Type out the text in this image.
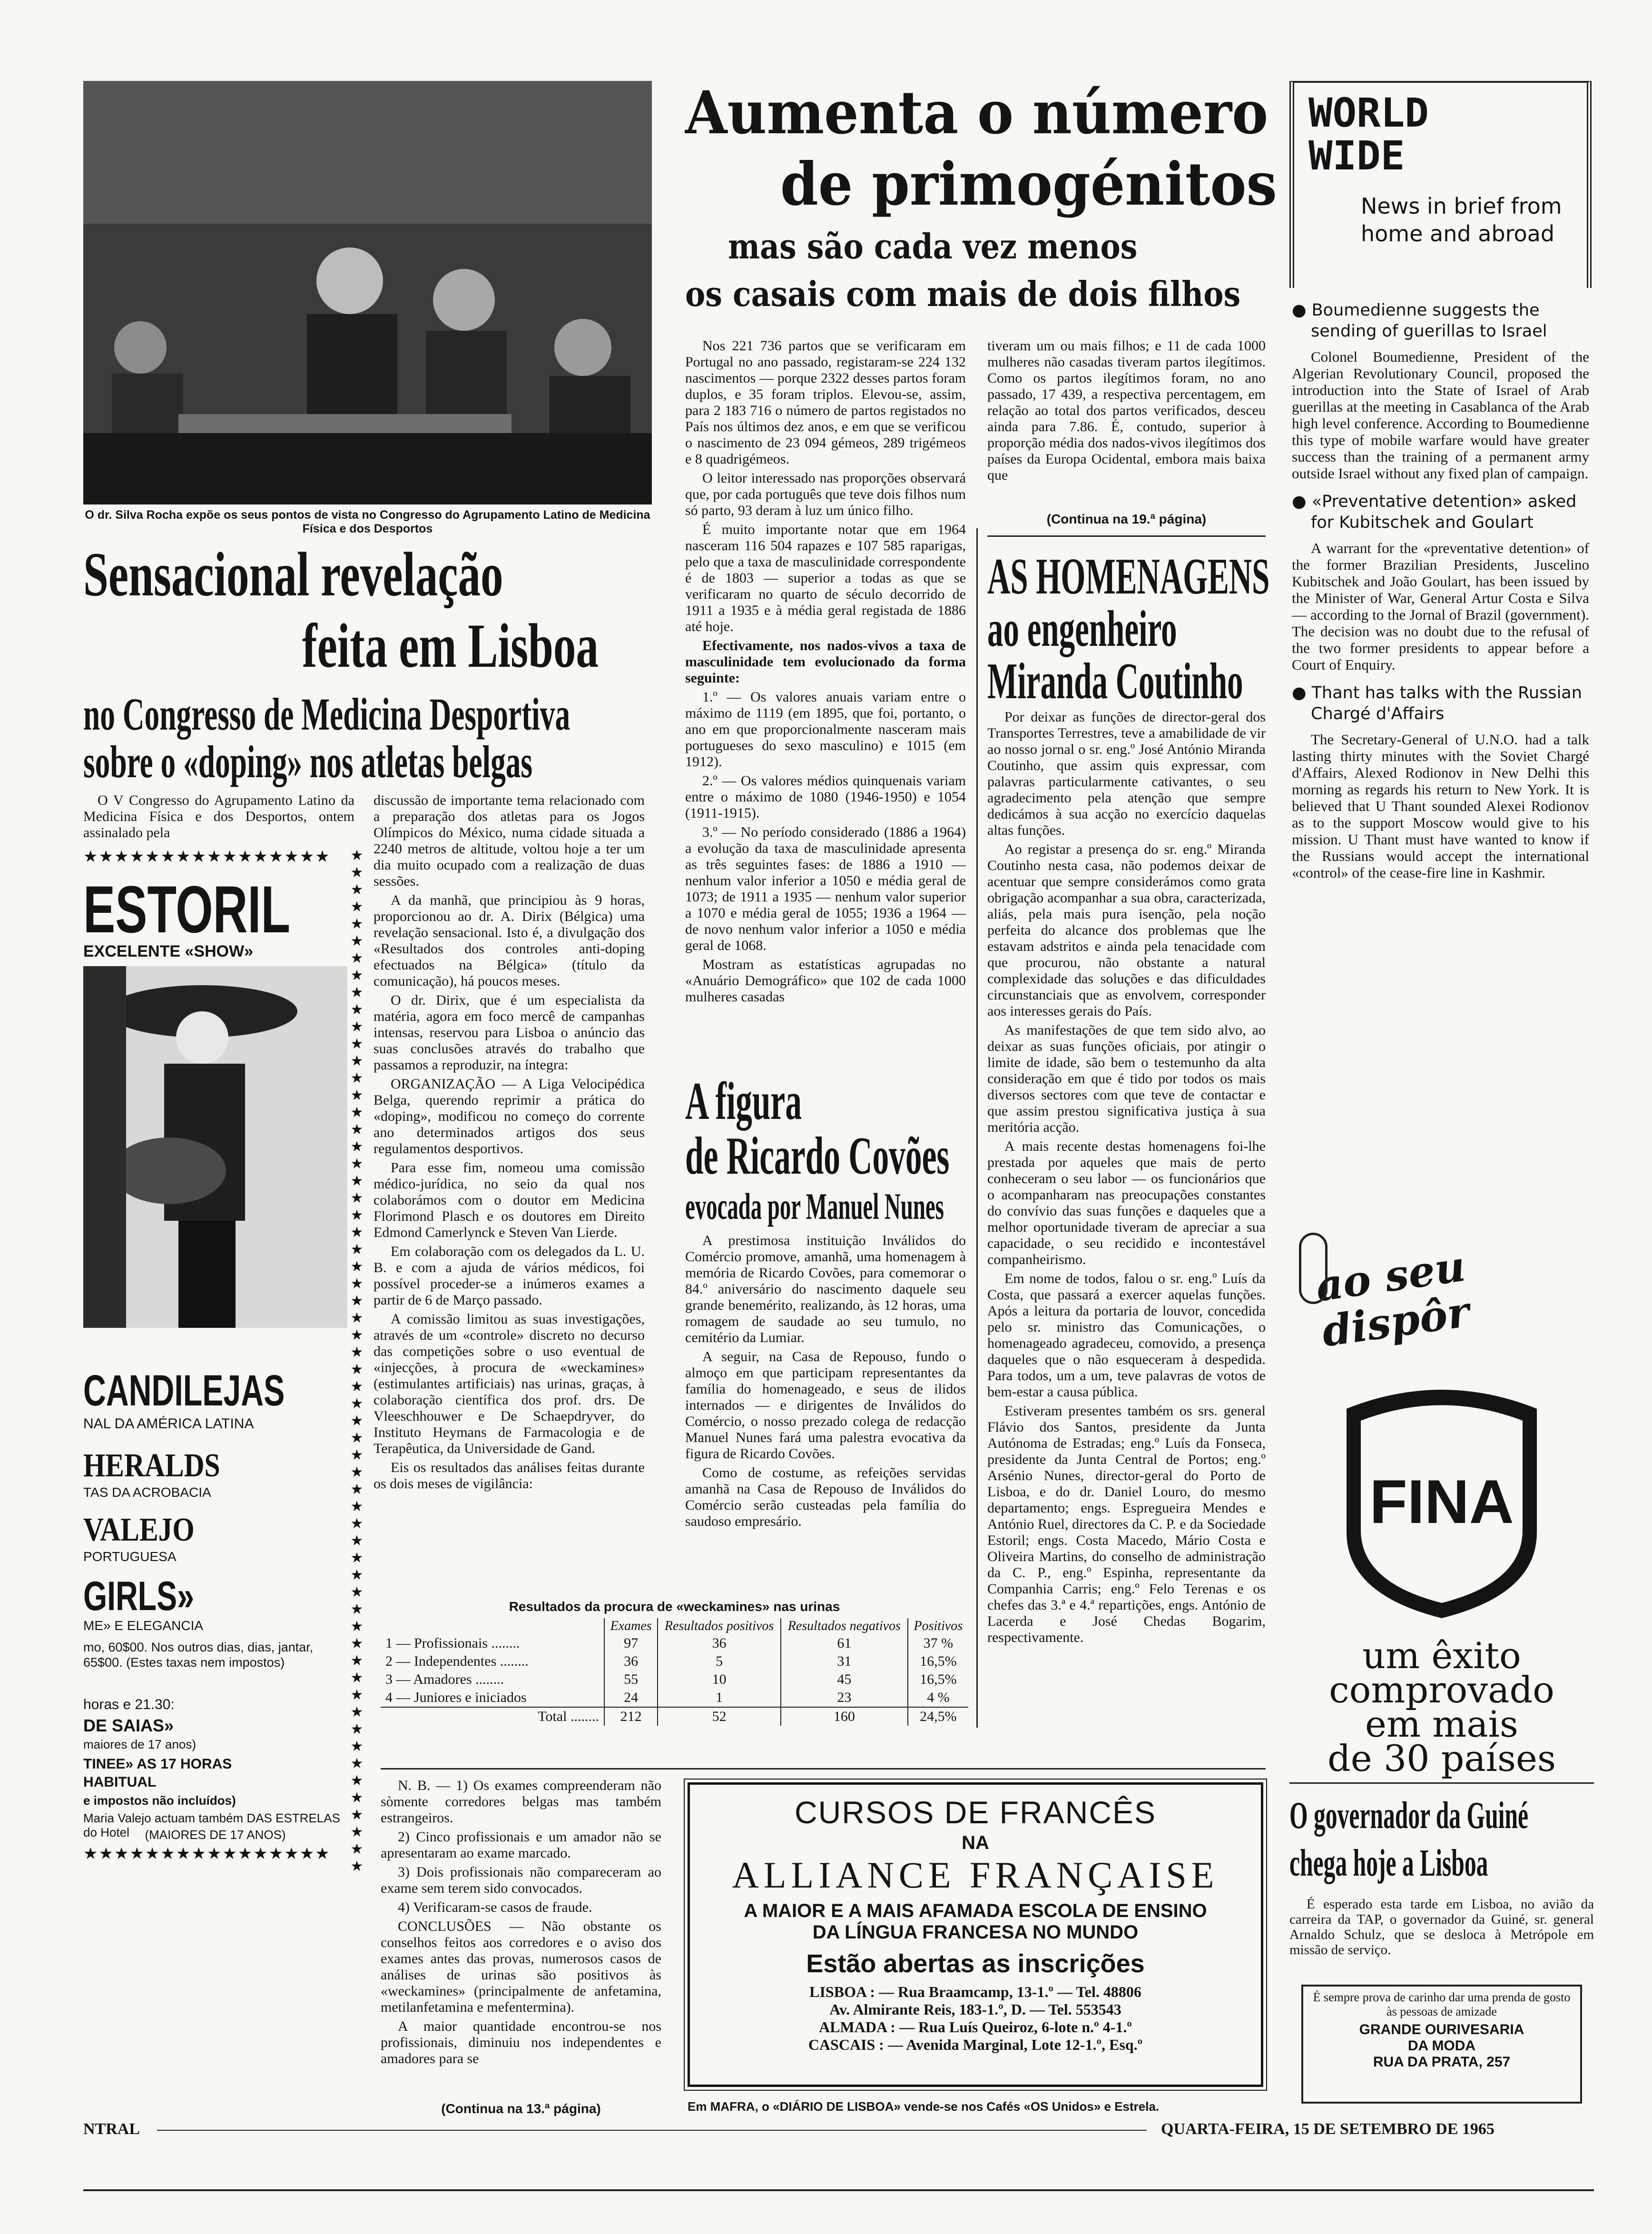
O dr. Silva Rocha expõe os seus pontos de vista no Congresso do Agrupamento Latino de Medicina Física e dos Desportos
Sensacional revelação
feita em Lisboa
no Congresso de Medicina Desportiva
sobre o «doping» nos atletas belgas
O V Congresso do Agrupamento Latino da Medicina Física e dos Desportos, ontem assinalado pela
★★★★★★★★★★★★★★★★	★★★★★★★★★★★★★★★★★★★★★★★★★★★★★★★★★★★★★★★★★★★★★★★★★★★★★★★★★★★★
★★★★★★★★★★★★★★★★
ESTORIL
EXCELENTE «SHOW»
CANDILEJAS
NAL DA AMÉRICA LATINA
HERALDS
TAS DA ACROBACIA
VALEJO
PORTUGUESA
GIRLS»
ME» E ELEGANCIA
mo, 60$00. Nos outros dias, dias, jantar, 65$00. (Estes taxas nem impostos)
horas e 21.30:
DE SAIAS»
maiores de 17 anos)
TINEE» AS 17 HORAS
HABITUAL
e impostos não incluídos)
Maria Valejo actuam também DAS ESTRELAS do Hotel	(MAIORES DE 17 ANOS)

discussão de importante tema relacionado com a preparação dos atletas para os Jogos Olímpicos do México, numa cidade situada a 2240 metros de altitude, voltou hoje a ter um dia muito ocupado com a realização de duas sessões.

A da manhã, que principiou às 9 horas, proporcionou ao dr. A. Dirix (Bélgica) uma revelação sensacional. Isto é, a divulgação dos «Resultados dos controles anti-doping efectuados na Bélgica» (título da comunicação), há poucos meses.

O dr. Dirix, que é um especialista da matéria, agora em foco mercê de campanhas intensas, reservou para Lisboa o anúncio das suas conclusões através do trabalho que passamos a reproduzir, na íntegra:

ORGANIZAÇÃO — A Liga Velocipédica Belga, querendo reprimir a prática do «doping», modificou no começo do corrente ano determinados artigos dos seus regulamentos desportivos.

Para esse fim, nomeou uma comissão médico-jurídica, no seio da qual nos colaborámos com o doutor em Medicina Florimond Plasch e os doutores em Direito Edmond Camerlynck e Steven Van Lierde.

Em colaboração com os delegados da L. U. B. e com a ajuda de vários médicos, foi possível proceder-se a inúmeros exames a partir de 6 de Março passado.

A comissão limitou as suas investigações, através de um «controle» discreto no decurso das competições sobre o uso eventual de «injecções, à procura de «weckamines» (estimulantes artificiais) nas urinas, graças, à colaboração científica dos prof. drs. De Vleeschhouwer e De Schaepdryver, do Instituto Heymans de Farmacologia e de Terapêutica, da Universidade de Gand.

Eis os resultados das análises feitas durante os dois meses de vigilância:

Aumenta o número
de primogénitos
mas são cada vez menos
os casais com mais de dois filhos

Nos 221 736 partos que se verificaram em Portugal no ano passado, registaram-se 224 132 nascimentos — porque 2322 desses partos foram duplos, e 35 foram triplos. Elevou-se, assim, para 2 183 716 o número de partos registados no País nos últimos dez anos, e em que se verificou o nascimento de 23 094 gémeos, 289 trigémeos e 8 quadrigémeos.

O leitor interessado nas proporções observará que, por cada português que teve dois filhos num só parto, 93 deram à luz um único filho.

É muito importante notar que em 1964 nasceram 116 504 rapazes e 107 585 raparigas, pelo que a taxa de masculinidade correspondente é de 1803 — superior a todas as que se verificaram no quarto de século decorrido de 1911 a 1935 e à média geral registada de 1886 até hoje.

Efectivamente, nos nados-vivos a taxa de masculinidade tem evolucionado da forma seguinte:

1.º — Os valores anuais variam entre o máximo de 1119 (em 1895, que foi, portanto, o ano em que proporcionalmente nasceram mais portugueses do sexo masculino) e 1015 (em 1912).

2.º — Os valores médios quinquenais variam entre o máximo de 1080 (1946-1950) e 1054 (1911-1915).

3.º — No período considerado (1886 a 1964) a evolução da taxa de masculinidade apresenta as três seguintes fases: de 1886 a 1910 — nenhum valor inferior a 1050 e média geral de 1073; de 1911 a 1935 — nenhum valor superior a 1070 e média geral de 1055; 1936 a 1964 — de novo nenhum valor inferior a 1050 e média geral de 1068.

Mostram as estatísticas agrupadas no «Anuário Demográfico» que 102 de cada 1000 mulheres casadas

tiveram um ou mais filhos; e 11 de cada 1000 mulheres não casadas tiveram partos ilegítimos. Como os partos ilegítimos foram, no ano passado, 17 439, a respectiva percentagem, em relação ao total dos partos verificados, desceu ainda para 7.86. É, contudo, superior à proporção média dos nados-vivos ilegítimos dos países da Europa Ocidental, embora mais baixa que
(Continua na 19.ª página)
AS HOMENAGENS
ao engenheiro
Miranda Coutinho

Por deixar as funções de director-geral dos Transportes Terrestres, teve a amabilidade de vir ao nosso jornal o sr. eng.º José António Miranda Coutinho, que assim quis expressar, com palavras particularmente cativantes, o seu agradecimento pela atenção que sempre dedicámos à sua acção no exercício daquelas altas funções.

Ao registar a presença do sr. eng.º Miranda Coutinho nesta casa, não podemos deixar de acentuar que sempre considerámos como grata obrigação acompanhar a sua obra, caracterizada, aliás, pela mais pura isenção, pela noção perfeita do alcance dos problemas que lhe estavam adstritos e ainda pela tenacidade com que procurou, não obstante a natural complexidade das soluções e das dificuldades circunstanciais que as envolvem, corresponder aos interesses gerais do País.

As manifestações de que tem sido alvo, ao deixar as suas funções oficiais, por atingir o limite de idade, são bem o testemunho da alta consideração em que é tido por todos os mais diversos sectores com que teve de contactar e que assim prestou significativa justiça à sua meritória acção.

A mais recente destas homenagens foi-lhe prestada por aqueles que mais de perto conheceram o seu labor — os funcionários que o acompanharam nas preocupações constantes do convívio das suas funções e daqueles que a melhor oportunidade tiveram de apreciar a sua capacidade, o seu recidido e incontestável companheirismo.

Em nome de todos, falou o sr. eng.º Luís da Costa, que passará a exercer aquelas funções. Após a leitura da portaria de louvor, concedida pelo sr. ministro das Comunicações, o homenageado agradeceu, comovido, a presença daqueles que o não esqueceram à despedida. Para todos, um a um, teve palavras de votos de bem-estar a causa pública.

Estiveram presentes também os srs. general Flávio dos Santos, presidente da Junta Autónoma de Estradas; eng.º Luís da Fonseca, presidente da Junta Central de Portos; eng.º Arsénio Nunes, director-geral do Porto de Lisboa, e do dr. Daniel Louro, do mesmo departamento; engs. Espregueira Mendes e António Ruel, directores da C. P. e da Sociedade Estoril; engs. Costa Macedo, Mário Costa e Oliveira Martins, do conselho de administração da C. P., eng.º Espinha, representante da Companhia Carris; eng.º Felo Terenas e os chefes das 3.ª e 4.ª repartições, engs. António de Lacerda e José Chedas Bogarim, respectivamente.

A figura
de Ricardo Covões
evocada por Manuel Nunes

A prestimosa instituição Inválidos do Comércio promove, amanhã, uma homenagem à memória de Ricardo Covões, para comemorar o 84.º aniversário do nascimento daquele seu grande benemérito, realizando, às 12 horas, uma romagem de saudade ao seu tumulo, no cemitério da Lumiar.

A seguir, na Casa de Repouso, fundo o almoço em que participam representantes da família do homenageado, e seus de ilidos internados — e dirigentes de Inválidos do Comércio, o nosso prezado colega de redacção Manuel Nunes fará uma palestra evocativa da figura de Ricardo Covões.

Como de costume, as refeições servidas amanhã na Casa de Repouso de Inválidos do Comércio serão custeadas pela família do saudoso empresário.

Resultados da procura de «weckamines» nas urinas
	Exames	Resultados positivos	Resultados negativos	Positivos
1 — Profissionais ........	97	36	61	37 %
2 — Independentes ........	36	5	31	16,5%
3 — Amadores ........	55	10	45	16,5%
4 — Juniores e iniciados	24	1	23	4 %
Total ........	212	52	160	24,5%

N. B. — 1) Os exames compreenderam não sòmente corredores belgas mas também estrangeiros.

2) Cinco profissionais e um amador não se apresentaram ao exame marcado.

3) Dois profissionais não compareceram ao exame sem terem sido convocados.

4) Verificaram-se casos de fraude.

CONCLUSÕES — Não obstante os conselhos feitos aos corredores e o aviso dos exames antes das provas, numerosos casos de análises de urinas são positivos às «weckamines» (principalmente de anfetamina, metilanfetamina e mefentermina).

A maior quantidade encontrou-se nos profissionais, diminuiu nos independentes e amadores para se

(Continua na 13.ª página)
CURSOS DE FRANCÊS
NA
ALLIANCE FRANÇAISE
A MAIOR E A MAIS AFAMADA ESCOLA DE ENSINO
DA LÍNGUA FRANCESA NO MUNDO
Estão abertas as inscrições
LISBOA : — Rua Braamcamp, 13-1.º — Tel. 48806
Av. Almirante Reis, 183-1.º, D. — Tel. 553543
ALMADA : — Rua Luís Queiroz, 6-lote n.º 4-1.º
CASCAIS : — Avenida Marginal, Lote 12-1.º, Esq.º
Em MAFRA, o «DIÁRIO DE LISBOA» vende-se nos Cafés «OS Unidos» e Estrela.
WORLD
WIDE
News in brief from home and abroad
● Boumedienne suggests the sending of guerillas to Israel
Colonel Boumedienne, President of the Algerian Revolutionary Council, proposed the introduction into the State of Israel of Arab guerillas at the meeting in Casablanca of the Arab high level conference. According to Boumedienne this type of mobile warfare would have greater success than the training of a permanent army outside Israel without any fixed plan of campaign.
● «Preventative detention» asked for Kubitschek and Goulart
A warrant for the «preventative detention» of the former Brazilian Presidents, Juscelino Kubitschek and João Goulart, has been issued by the Minister of War, General Artur Costa e Silva — according to the Jornal of Brazil (government). The decision was no doubt due to the refusal of the two former presidents to appear before a Court of Enquiry.
● Thant has talks with the Russian Chargé d'Affairs
The Secretary-General of U.N.O. had a talk lasting thirty minutes with the Soviet Chargé d'Affairs, Alexed Rodionov in New Delhi this morning as regards his return to New York. It is believed that U Thant sounded Alexei Rodionov as to the support Moscow would give to his mission. U Thant must have wanted to know if the Russians would accept the international «control» of the cease-fire line in Kashmir.
ao seu dispôr
FINA
um êxito
comprovado
em mais
de 30 países
O governador da Guiné
chega hoje a Lisboa
É esperado esta tarde em Lisboa, no avião da carreira da TAP, o governador da Guiné, sr. general Arnaldo Schulz, que se desloca à Metrópole em missão de serviço.
É sempre prova de carinho dar uma prenda de gosto às pessoas de amizade
GRANDE OURIVESARIA
DA MODA
RUA DA PRATA, 257
NTRAL	QUARTA-FEIRA, 15 DE SETEMBRO DE 1965
